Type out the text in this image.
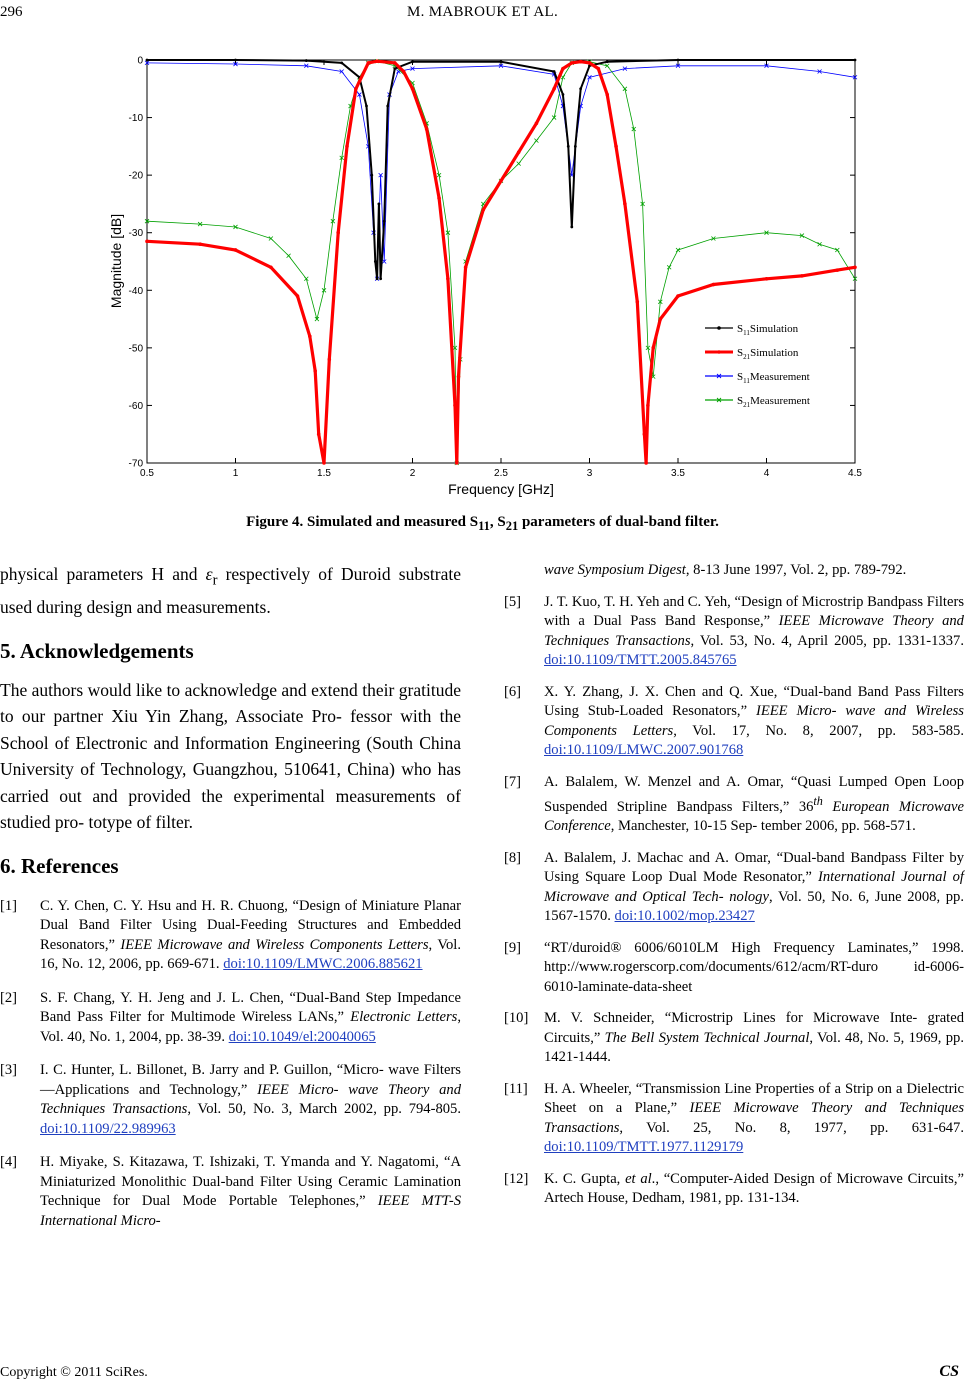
296	M. MABROUK ET AL.
0.5	1	1.5	2	2.5	3	3.5	4	4.5
0
-10
-20
-30
-40
-50
-60
-70
Frequency [GHz]
Magnitude [dB]
$S_{11}Simulation$
$S_{21}Simulation$
$S_{11}Measurement$
$S_{21}Measurement$
Figure 4. Simulated and measured $S_{11}$, $S_{21}$ parameters of dual-band filter.

physical parameters H and $\varepsilon_r$ respectively of Duroid substrate used during design and measurements.

5. Acknowledgements

The authors would like to acknowledge and extend their gratitude to our partner Xiu Yin Zhang, Associate Pro- fessor with the School of Electronic and Information Engineering (South China University of Technology, Guangzhou, 510641, China) who has carried out and provided the experimental measurements of studied pro- totype of filter.

6. References
[1]	C. Y. Chen, C. Y. Hsu and H. R. Chuong, “Design of Miniature Planar Dual Band Filter Using Dual-Feeding Structures and Embedded Resonators,” IEEE Microwave and Wireless Components Letters, Vol. 16, No. 12, 2006, pp. 669-671. doi:10.1109/LMWC.2006.885621
[2]	S. F. Chang, Y. H. Jeng and J. L. Chen, “Dual-Band Step Impedance Band Pass Filter for Multimode Wireless LANs,” Electronic Letters, Vol. 40, No. 1, 2004, pp. 38-39. doi:10.1049/el:20040065
[3]	I. C. Hunter, L. Billonet, B. Jarry and P. Guillon, “Micro- wave Filters—Applications and Technology,” IEEE Micro- wave Theory and Techniques Transactions, Vol. 50, No. 3, March 2002, pp. 794-805. doi:10.1109/22.989963
[4]	H. Miyake, S. Kitazawa, T. Ishizaki, T. Ymanda and Y. Nagatomi, “A Miniaturized Monolithic Dual-band Filter Using Ceramic Lamination Technique for Dual Mode Portable Telephones,” IEEE MTT-S International Micro-
wave Symposium Digest, 8-13 June 1997, Vol. 2, pp. 789-792.
[5]	J. T. Kuo, T. H. Yeh and C. Yeh, “Design of Microstrip Bandpass Filters with a Dual Pass Band Response,” IEEE Microwave Theory and Techniques Transactions, Vol. 53, No. 4, April 2005, pp. 1331-1337. doi:10.1109/TMTT.2005.845765
[6]	X. Y. Zhang, J. X. Chen and Q. Xue, “Dual-band Band Pass Filters Using Stub-Loaded Resonators,” IEEE Micro- wave and Wireless Components Letters, Vol. 17, No. 8, 2007, pp. 583-585. doi:10.1109/LMWC.2007.901768
[7]	A. Balalem, W. Menzel and A. Omar, “Quasi Lumped Open Loop Suspended Stripline Bandpass Filters,” 36th European Microwave Conference, Manchester, 10-15 Sep- tember 2006, pp. 568-571.
[8]	A. Balalem, J. Machac and A. Omar, “Dual-band Bandpass Filter by Using Square Loop Dual Mode Resonator,” International Journal of Microwave and Optical Tech- nology, Vol. 50, No. 6, June 2008, pp. 1567-1570. doi:10.1002/mop.23427
[9]	“RT/duroid® 6006/6010LM High Frequency Laminates,” 1998. http://www.rogerscorp.com/documents/612/acm/RT-duro id-6006-6010-laminate-data-sheet
[10]	M. V. Schneider, “Microstrip Lines for Microwave Inte- grated Circuits,” The Bell System Technical Journal, Vol. 48, No. 5, 1969, pp. 1421-1444.
[11]	H. A. Wheeler, “Transmission Line Properties of a Strip on a Dielectric Sheet on a Plane,” IEEE Microwave Theory and Techniques Transactions, Vol. 25, No. 8, 1977, pp. 631-647. doi:10.1109/TMTT.1977.1129179
[12]	K. C. Gupta, et al., “Computer-Aided Design of Microwave Circuits,” Artech House, Dedham, 1981, pp. 131-134.
Copyright © 2011 SciRes.	CS
